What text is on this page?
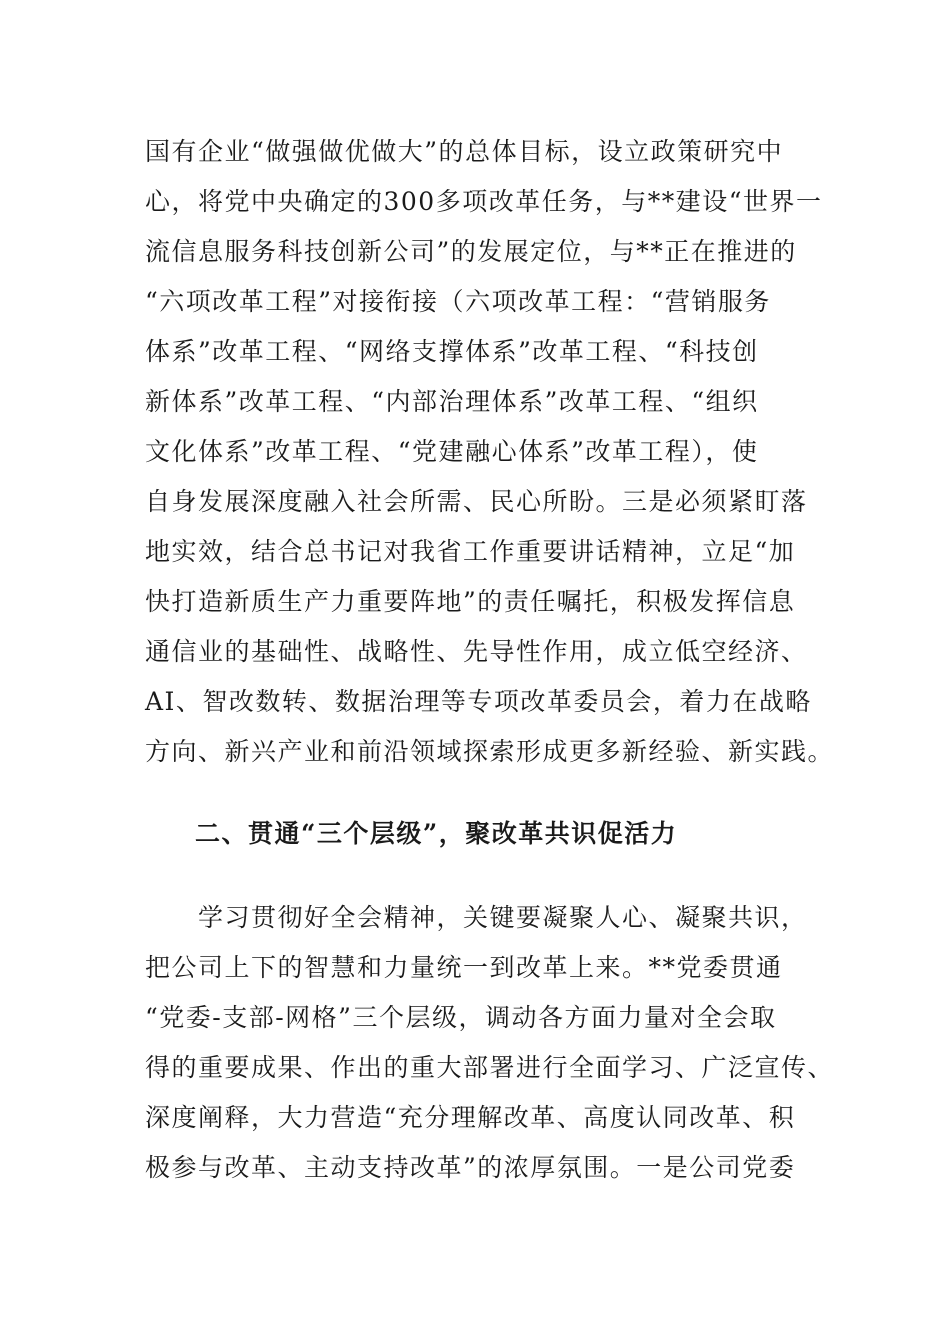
国有企业“做强做优做大”的总体目标，设立政策研究中
心，将党中央确定的300多项改革任务，与**建设“世界一
流信息服务科技创新公司”的发展定位，与**正在推进的
“六项改革工程”对接衔接（六项改革工程：“营销服务
体系”改革工程、“网络支撑体系”改革工程、“科技创
新体系”改革工程、“内部治理体系”改革工程、“组织
文化体系”改革工程、“党建融心体系”改革工程），使
自身发展深度融入社会所需、民心所盼。三是必须紧盯落
地实效，结合总书记对我省工作重要讲话精神，立足“加
快打造新质生产力重要阵地”的责任嘱托，积极发挥信息
通信业的基础性、战略性、先导性作用，成立低空经济、
AI、智改数转、数据治理等专项改革委员会，着力在战略
方向、新兴产业和前沿领域探索形成更多新经验、新实践。
二、贯通“三个层级”，聚改革共识促活力
　　学习贯彻好全会精神，关键要凝聚人心、凝聚共识，
把公司上下的智慧和力量统一到改革上来。**党委贯通
“党委-支部-网格”三个层级，调动各方面力量对全会取
得的重要成果、作出的重大部署进行全面学习、广泛宣传、
深度阐释，大力营造“充分理解改革、高度认同改革、积
极参与改革、主动支持改革”的浓厚氛围。一是公司党委
